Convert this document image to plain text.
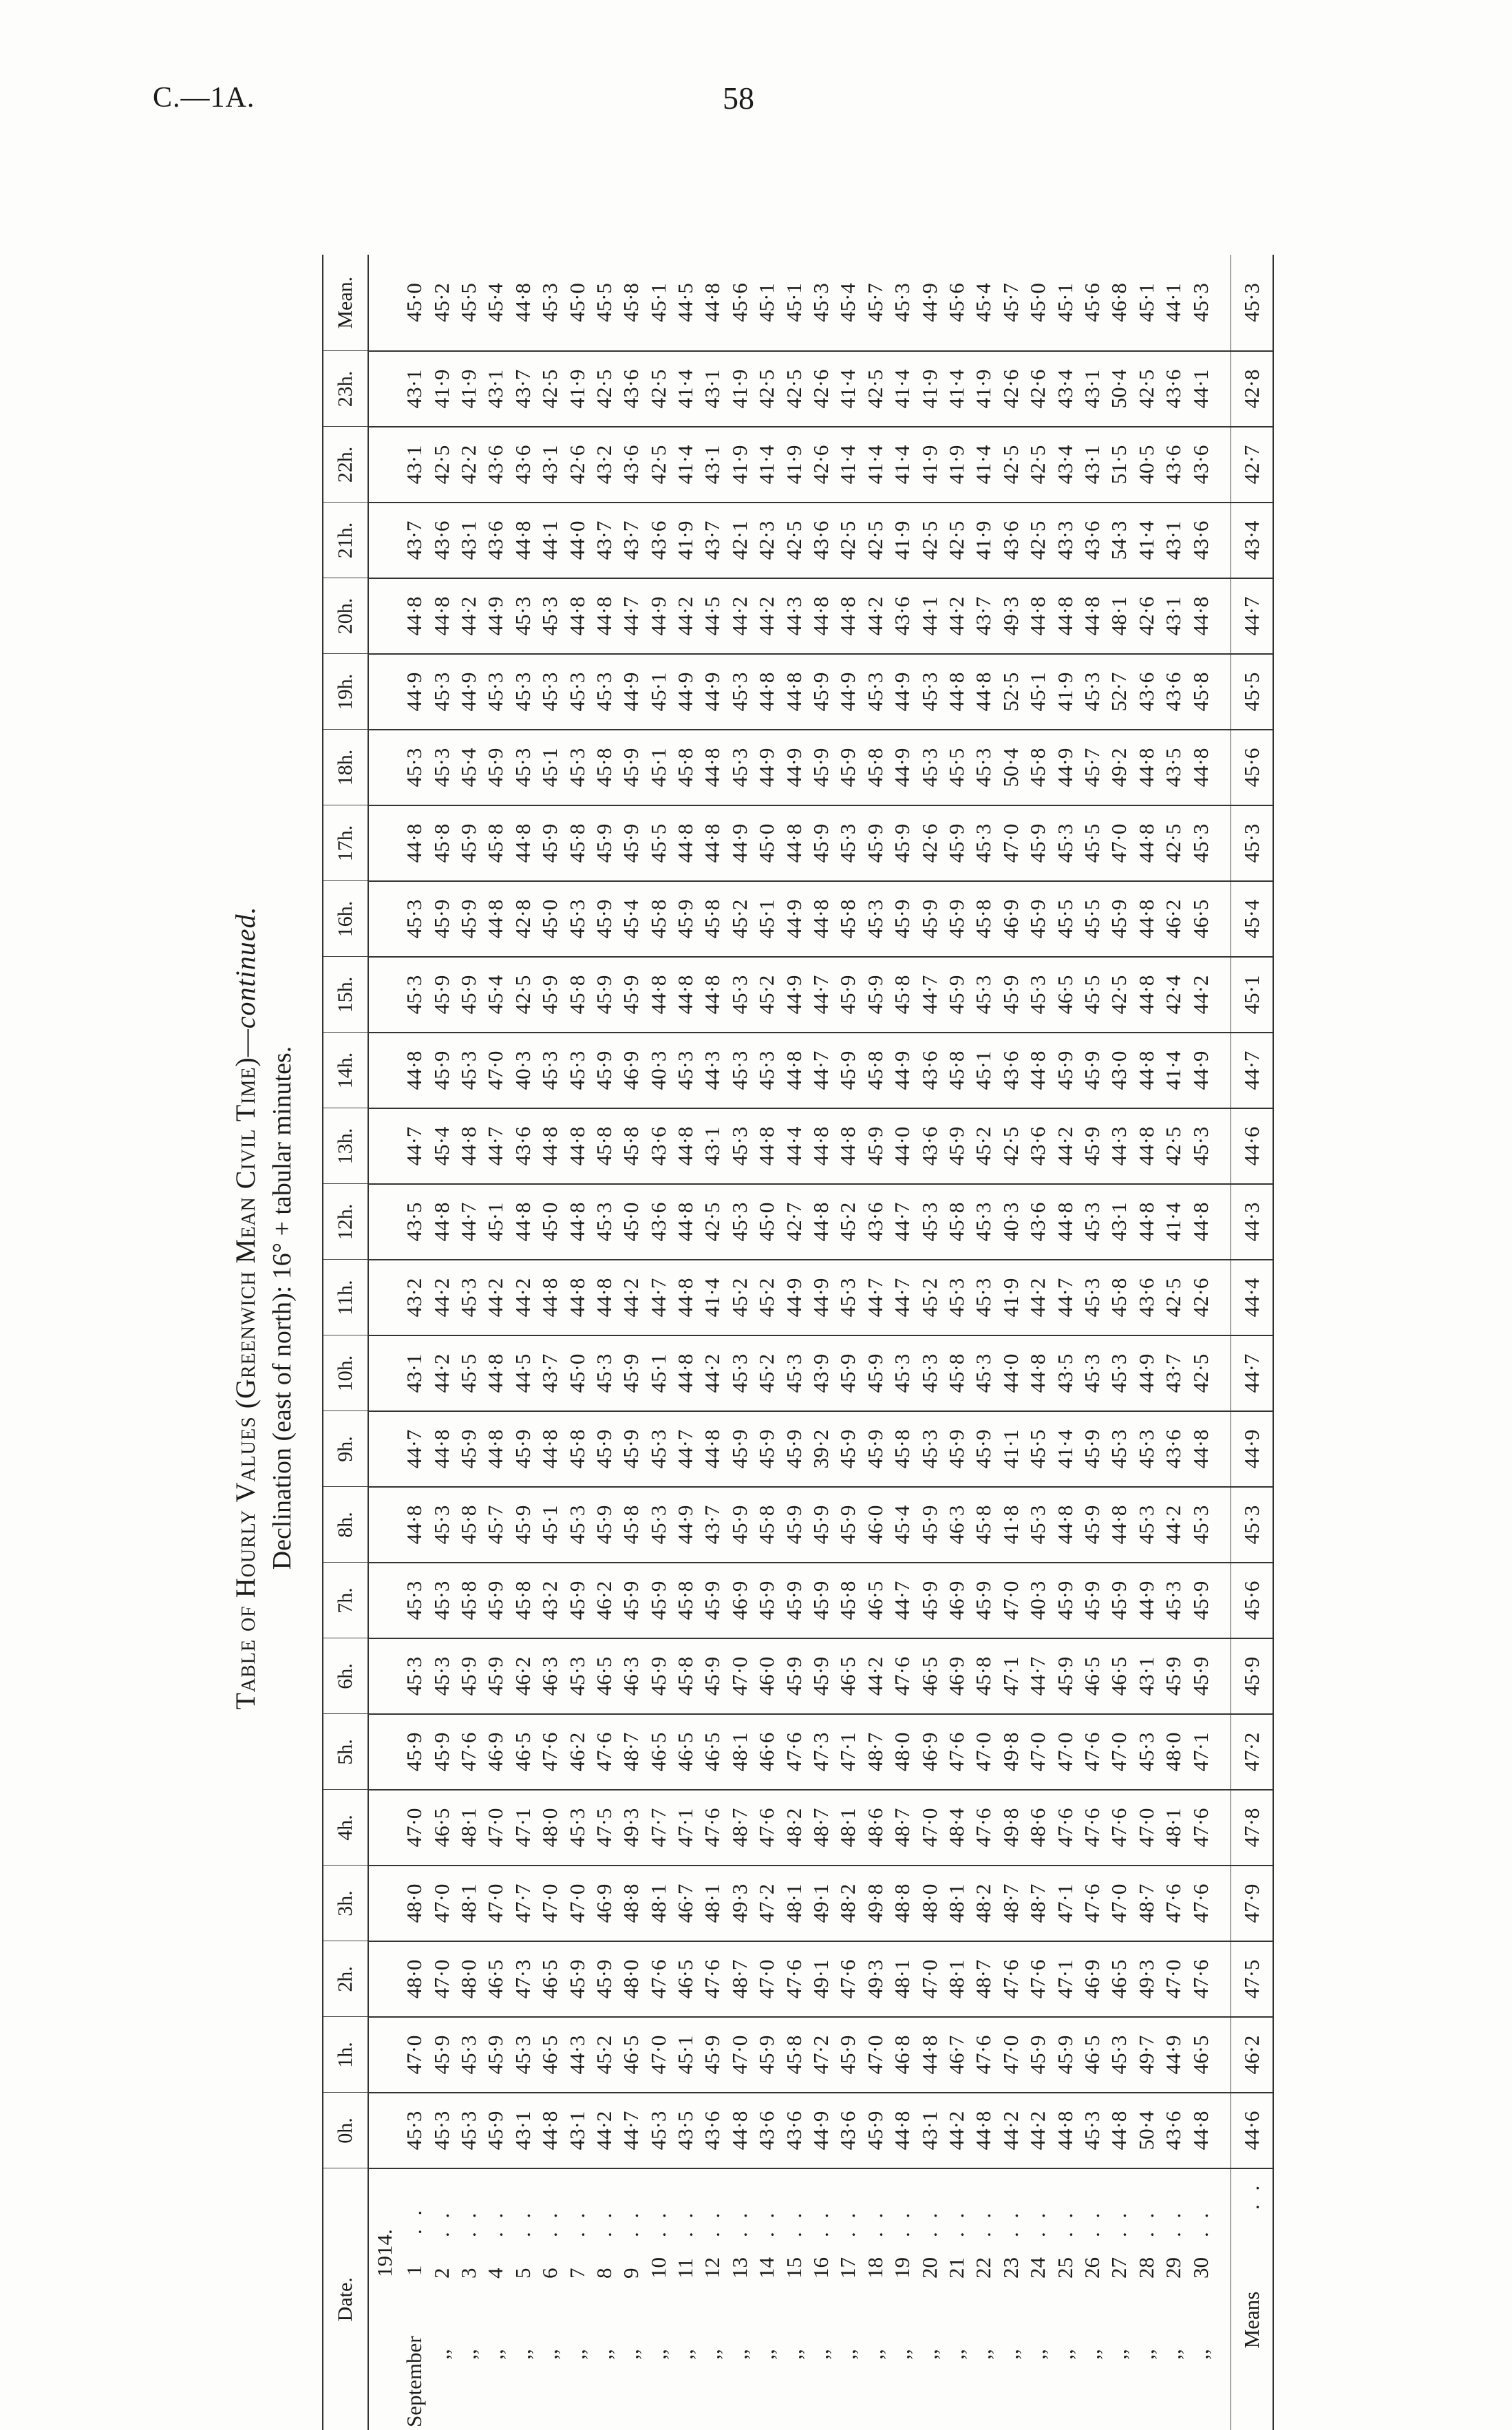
C.—1A.	58
Table of Hourly Values (Greenwich Mean Civil Time)—continued.
Declination (east of north): 16° + tabular minutes.
Date.	0h.	1h.	2h.	3h.	4h.	5h.	6h.	7h.	8h.	9h.	10h.	11h.	12h.	13h.	14h.	15h.	16h.	17h.	18h.	19h.	20h.	21h.	22h.	23h.	Mean.
1914.																									
September1. .	45·3	47·0	48·0	48·0	47·0	45·9	45·3	45·3	44·8	44·7	43·1	43·2	43·5	44·7	44·8	45·3	45·3	44·8	45·3	44·9	44·8	43·7	43·1	43·1	45·0
,,2. .	45·3	45·9	47·0	47·0	46·5	45·9	45·3	45·3	45·3	44·8	44·2	44·2	44·8	45·4	45·9	45·9	45·9	45·8	45·3	45·3	44·8	43·6	42·5	41·9	45·2
,,3. .	45·3	45·3	48·0	48·1	48·1	47·6	45·9	45·8	45·8	45·9	45·5	45·3	44·7	44·8	45·3	45·9	45·9	45·9	45·4	44·9	44·2	43·1	42·2	41·9	45·5
,,4. .	45·9	45·9	46·5	47·0	47·0	46·9	45·9	45·9	45·7	44·8	44·8	44·2	45·1	44·7	47·0	45·4	44·8	45·8	45·9	45·3	44·9	43·6	43·6	43·1	45·4
,,5. .	43·1	45·3	47·3	47·7	47·1	46·5	46·2	45·8	45·9	45·9	44·5	44·2	44·8	43·6	40·3	42·5	42·8	44·8	45·3	45·3	45·3	44·8	43·6	43·7	44·8
,,6. .	44·8	46·5	46·5	47·0	48·0	47·6	46·3	43·2	45·1	44·8	43·7	44·8	45·0	44·8	45·3	45·9	45·0	45·9	45·1	45·3	45·3	44·1	43·1	42·5	45·3
,,7. .	43·1	44·3	45·9	47·0	45·3	46·2	45·3	45·9	45·3	45·8	45·0	44·8	44·8	44·8	45·3	45·8	45·3	45·8	45·3	45·3	44·8	44·0	42·6	41·9	45·0
,,8. .	44·2	45·2	45·9	46·9	47·5	47·6	46·5	46·2	45·9	45·9	45·3	44·8	45·3	45·8	45·9	45·9	45·9	45·9	45·8	45·3	44·8	43·7	43·2	42·5	45·5
,,9. .	44·7	46·5	48·0	48·8	49·3	48·7	46·3	45·9	45·8	45·9	45·9	44·2	45·0	45·8	46·9	45·9	45·4	45·9	45·9	44·9	44·7	43·7	43·6	43·6	45·8
,,10. .	45·3	47·0	47·6	48·1	47·7	46·5	45·9	45·9	45·3	45·3	45·1	44·7	43·6	43·6	40·3	44·8	45·8	45·5	45·1	45·1	44·9	43·6	42·5	42·5	45·1
,,11. .	43·5	45·1	46·5	46·7	47·1	46·5	45·8	45·8	44·9	44·7	44·8	44·8	44·8	44·8	45·3	44·8	45·9	44·8	45·8	44·9	44·2	41·9	41·4	41·4	44·5
,,12. .	43·6	45·9	47·6	48·1	47·6	46·5	45·9	45·9	43·7	44·8	44·2	41·4	42·5	43·1	44·3	44·8	45·8	44·8	44·8	44·9	44·5	43·7	43·1	43·1	44·8
,,13. .	44·8	47·0	48·7	49·3	48·7	48·1	47·0	46·9	45·9	45·9	45·3	45·2	45·3	45·3	45·3	45·3	45·2	44·9	45·3	45·3	44·2	42·1	41·9	41·9	45·6
,,14. .	43·6	45·9	47·0	47·2	47·6	46·6	46·0	45·9	45·8	45·9	45·2	45·2	45·0	44·8	45·3	45·2	45·1	45·0	44·9	44·8	44·2	42·3	41·4	42·5	45·1
,,15. .	43·6	45·8	47·6	48·1	48·2	47·6	45·9	45·9	45·9	45·9	45·3	44·9	42·7	44·4	44·8	44·9	44·9	44·8	44·9	44·8	44·3	42·5	41·9	42·5	45·1
,,16. .	44·9	47·2	49·1	49·1	48·7	47·3	45·9	45·9	45·9	39·2	43·9	44·9	44·8	44·8	44·7	44·7	44·8	45·9	45·9	45·9	44·8	43·6	42·6	42·6	45·3
,,17. .	43·6	45·9	47·6	48·2	48·1	47·1	46·5	45·8	45·9	45·9	45·9	45·3	45·2	44·8	45·9	45·9	45·8	45·3	45·9	44·9	44·8	42·5	41·4	41·4	45·4
,,18. .	45·9	47·0	49·3	49·8	48·6	48·7	44·2	46·5	46·0	45·9	45·9	44·7	43·6	45·9	45·8	45·9	45·3	45·9	45·8	45·3	44·2	42·5	41·4	42·5	45·7
,,19. .	44·8	46·8	48·1	48·8	48·7	48·0	47·6	44·7	45·4	45·8	45·3	44·7	44·7	44·0	44·9	45·8	45·9	45·9	44·9	44·9	43·6	41·9	41·4	41·4	45·3
,,20. .	43·1	44·8	47·0	48·0	47·0	46·9	46·5	45·9	45·9	45·3	45·3	45·2	45·3	43·6	43·6	44·7	45·9	42·6	45·3	45·3	44·1	42·5	41·9	41·9	44·9
,,21. .	44·2	46·7	48·1	48·1	48·4	47·6	46·9	46·9	46·3	45·9	45·8	45·3	45·8	45·9	45·8	45·9	45·9	45·9	45·5	44·8	44·2	42·5	41·9	41·4	45·6
,,22. .	44·8	47·6	48·7	48·2	47·6	47·0	45·8	45·9	45·8	45·9	45·3	45·3	45·3	45·2	45·1	45·3	45·8	45·3	45·3	44·8	43·7	41·9	41·4	41·9	45·4
,,23. .	44·2	47·0	47·6	48·7	49·8	49·8	47·1	47·0	41·8	41·1	44·0	41·9	40·3	42·5	43·6	45·9	46·9	47·0	50·4	52·5	49·3	43·6	42·5	42·6	45·7
,,24. .	44·2	45·9	47·6	48·7	48·6	47·0	44·7	40·3	45·3	45·5	44·8	44·2	43·6	43·6	44·8	45·3	45·9	45·9	45·8	45·1	44·8	42·5	42·5	42·6	45·0
,,25. .	44·8	45·9	47·1	47·1	47·6	47·0	45·9	45·9	44·8	41·4	43·5	44·7	44·8	44·2	45·9	46·5	45·5	45·3	44·9	41·9	44·8	43·3	43·4	43·4	45·1
,,26. .	45·3	46·5	46·9	47·6	47·6	47·6	46·5	45·9	45·9	45·9	45·3	45·3	45·3	45·9	45·9	45·5	45·5	45·5	45·7	45·3	44·8	43·6	43·1	43·1	45·6
,,27. .	44·8	45·3	46·5	47·0	47·6	47·0	46·5	45·9	44·8	45·3	45·3	45·8	43·1	44·3	43·0	42·5	45·9	47·0	49·2	52·7	48·1	54·3	51·5	50·4	46·8
,,28. .	50·4	49·7	49·3	48·7	47·0	45·3	43·1	44·9	45·3	45·3	44·9	43·6	44·8	44·8	44·8	44·8	44·8	44·8	44·8	43·6	42·6	41·4	40·5	42·5	45·1
,,29. .	43·6	44·9	47·0	47·6	48·1	48·0	45·9	45·3	44·2	43·6	43·7	42·5	41·4	42·5	41·4	42·4	46·2	42·5	43·5	43·6	43·1	43·1	43·6	43·6	44·1
,,30. .	44·8	46·5	47·6	47·6	47·6	47·1	45·9	45·9	45·3	44·8	42·5	42·6	44·8	45·3	44·9	44·2	46·5	45·3	44·8	45·8	44·8	43·6	43·6	44·1	45·3

Means. .	44·6	46·2	47·5	47·9	47·8	47·2	45·9	45·6	45·3	44·9	44·7	44·4	44·3	44·6	44·7	45·1	45·4	45·3	45·6	45·5	44·7	43·4	42·7	42·8	45·3
